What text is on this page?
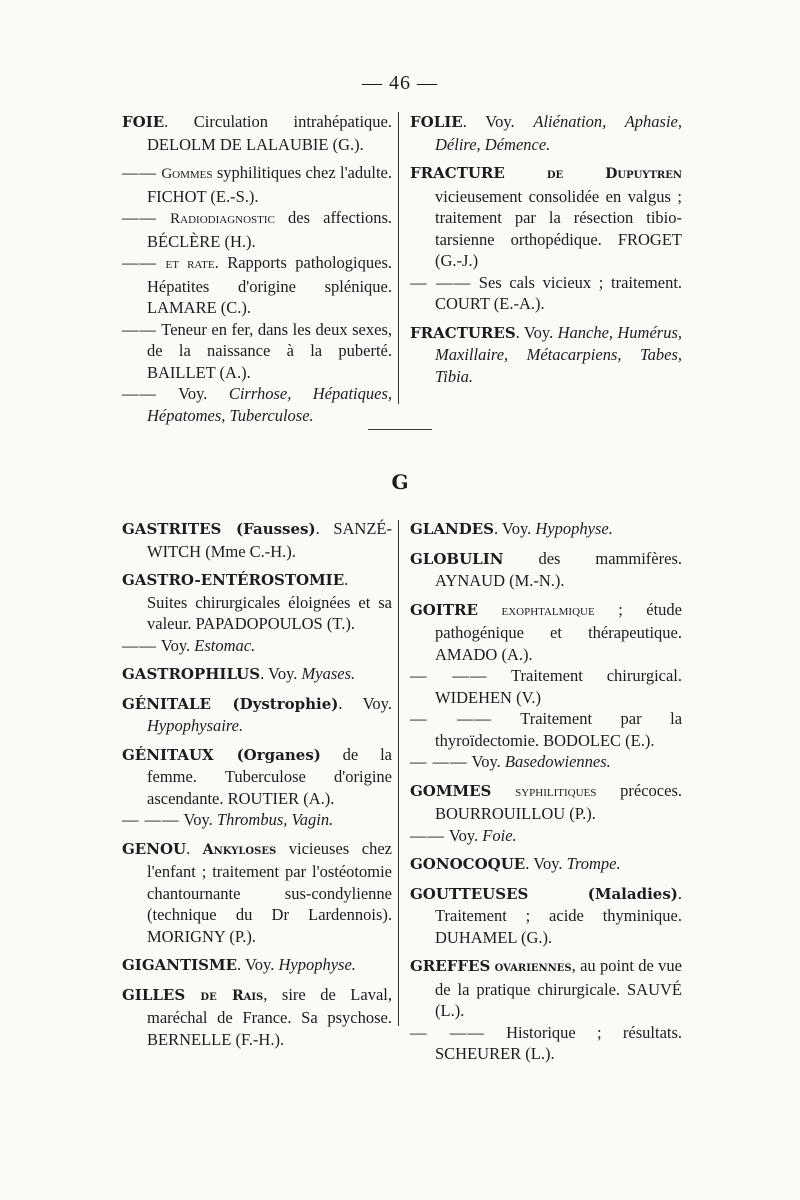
— 46 —

FOIE. Circulation intrahépatique. DELOLM DE LALAUBIE (G.).

—— Gommes syphilitiques chez l'adulte. FICHOT (E.-S.).

—— Radiodiagnostic des affections. BÉCLÈRE (H.).

—— et rate. Rapports pathologiques. Hépatites d'origine splénique. LAMARE (C.).

—— Teneur en fer, dans les deux sexes, de la naissance à la puberté. BAILLET (A.).

—— Voy. Cirrhose, Hépatiques, Hépatomes, Tuberculose.

FOLIE. Voy. Aliénation, Aphasie, Délire, Démence.

FRACTURE de Dupuytren vicieusement consolidée en valgus ; traitement par la résection tibio-tarsienne orthopédique. FROGET (G.-J.)

— —— Ses cals vicieux ; traitement. COURT (E.-A.).

FRACTURES. Voy. Hanche, Humérus, Maxillaire, Métacarpiens, Tabes, Tibia.

G

GASTRITES (Fausses). SANZÉ-WITCH (Mme C.-H.).

GASTRO-ENTÉROSTOMIE. Suites chirurgicales éloignées et sa valeur. PAPADOPOULOS (T.).

—— Voy. Estomac.

GASTROPHILUS. Voy. Myases.

GÉNITALE (Dystrophie). Voy. Hypophysaire.

GÉNITAUX (Organes) de la femme. Tuberculose d'origine ascendante. ROUTIER (A.).

— —— Voy. Thrombus, Vagin.

GENOU. Ankyloses vicieuses chez l'enfant ; traitement par l'ostéotomie chantournante sus-condylienne (technique du Dr Lardennois). MORIGNY (P.).

GIGANTISME. Voy. Hypophyse.

GILLES de Rais, sire de Laval, maréchal de France. Sa psychose. BERNELLE (F.-H.).

GLANDES. Voy. Hypophyse.

GLOBULIN des mammifères. AYNAUD (M.-N.).

GOITRE exophtalmique ; étude pathogénique et thérapeutique. AMADO (A.).

— —— Traitement chirurgical. WIDEHEN (V.)

— —— Traitement par la thyroïdectomie. BODOLEC (E.).

— —— Voy. Basedowiennes.

GOMMES syphilitiques précoces. BOURROUILLOU (P.).

—— Voy. Foie.

GONOCOQUE. Voy. Trompe.

GOUTTEUSES (Maladies). Traitement ; acide thyminique. DUHAMEL (G.).

GREFFES ovariennes, au point de vue de la pratique chirurgicale. SAUVÉ (L.).

— —— Historique ; résultats. SCHEURER (L.).
